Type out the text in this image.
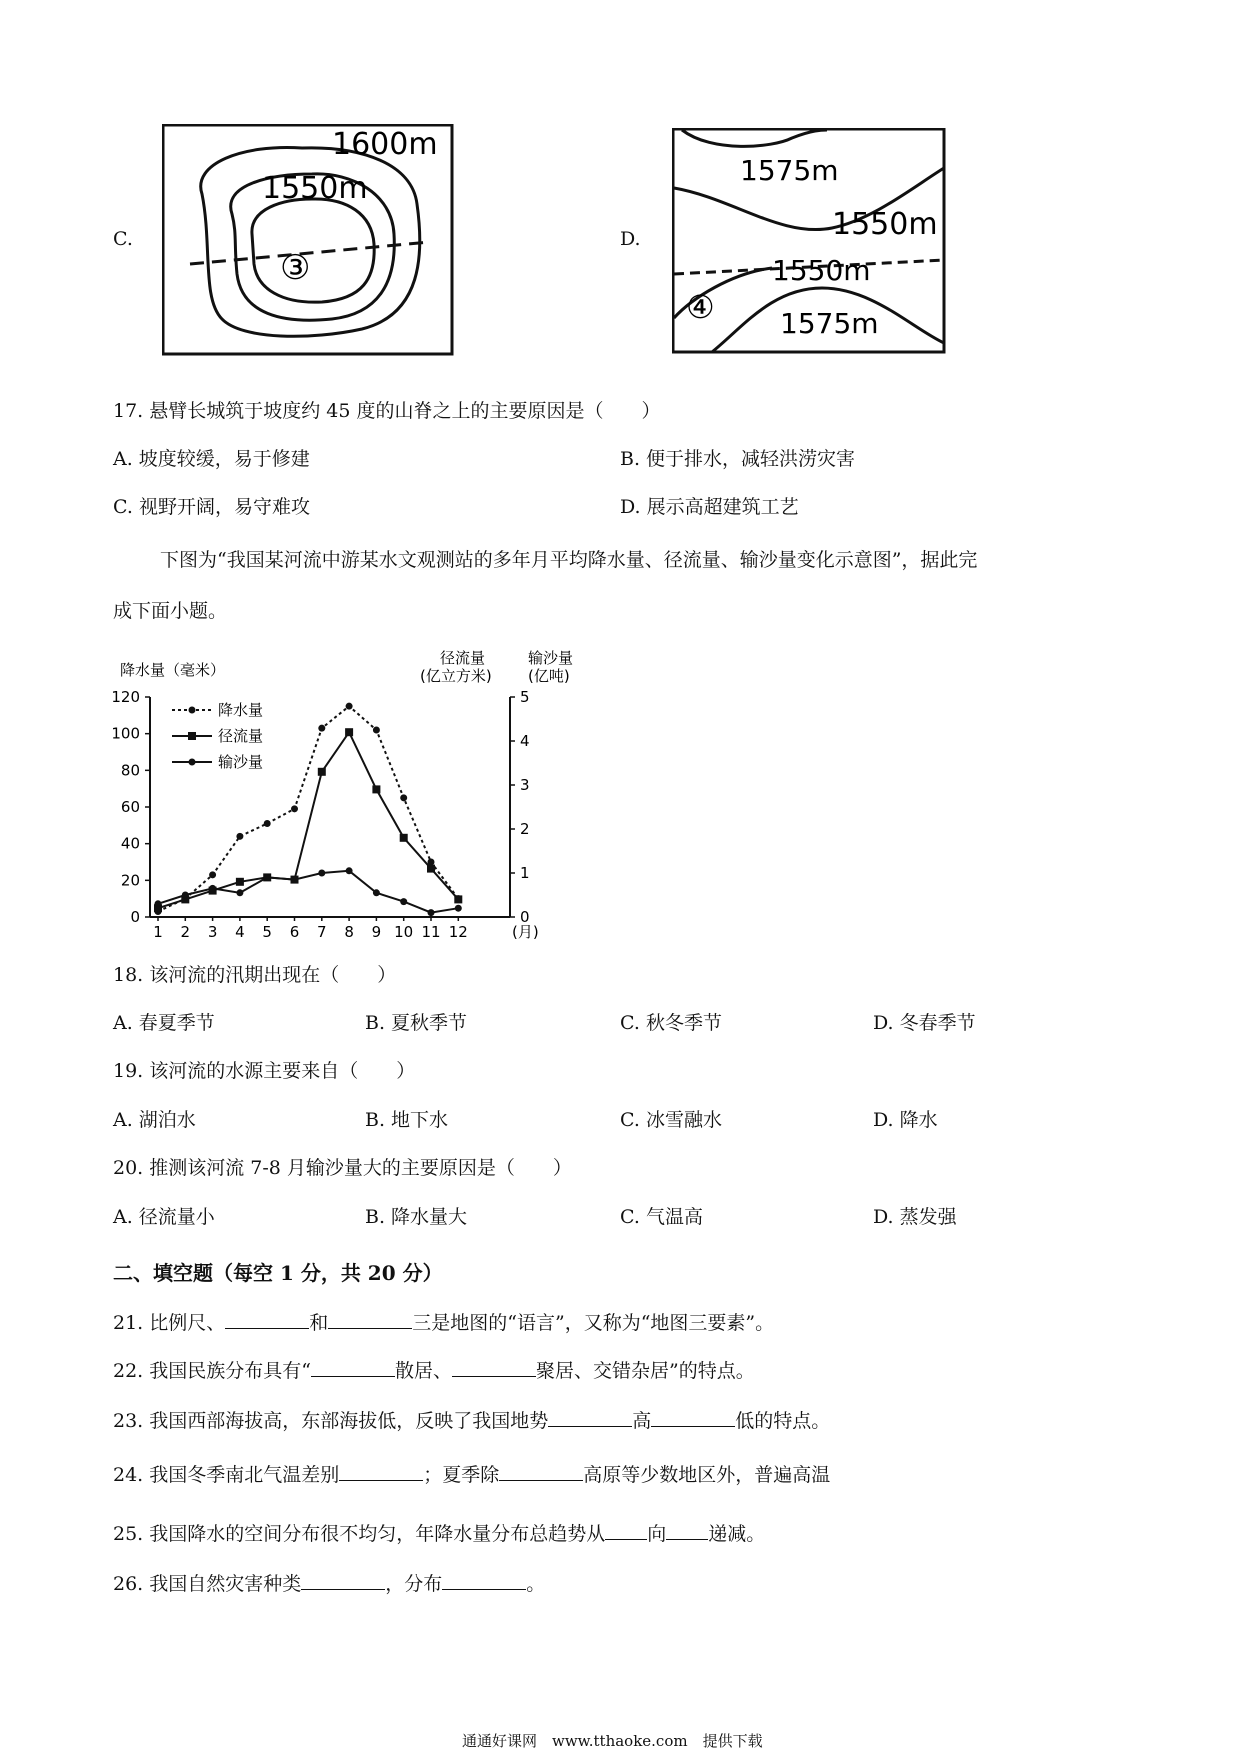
C.
1600m
1550m
③
D.
1575m
1550m
1550m
1575m
④
17. 悬臂长城筑于坡度约 45 度的山脊之上的主要原因是（　　）
A. 坡度较缓，易于修建	B. 便于排水，减轻洪涝灾害
C. 视野开阔，易守难攻	D. 展示高超建筑工艺
下图为“我国某河流中游某水文观测站的多年月平均降水量、径流量、输沙量变化示意图”，据此完
成下面小题。
降水量（毫米）
径流量
(亿立方米)
输沙量
(亿吨)
(月)
0
20
40
60
80
100
120
0
1
2
3
4
5
1 2 3 4 5 6 7 8 9 10 11 12
降水量
径流量
输沙量
18. 该河流的汛期出现在（　　）
A. 春夏季节	B. 夏秋季节	C. 秋冬季节	D. 冬春季节
19. 该河流的水源主要来自（　　）
A. 湖泊水	B. 地下水	C. 冰雪融水	D. 降水
20. 推测该河流 7-8 月输沙量大的主要原因是（　　）
A. 径流量小	B. 降水量大	C. 气温高	D. 蒸发强
二、填空题（每空 1 分，共 20 分）
21. 比例尺、	和	三是地图的“语言”，又称为“地图三要素”。
22. 我国民族分布具有“	散居、	聚居、交错杂居”的特点。
23. 我国西部海拔高，东部海拔低，反映了我国地势	高	低的特点。
24. 我国冬季南北气温差别	；夏季除	高原等少数地区外，普遍高温
25. 我国降水的空间分布很不均匀，年降水量分布总趋势从 向 递减。
26. 我国自然灾害种类	，分布	。
通通好课网　www.tthaoke.com　提供下载
